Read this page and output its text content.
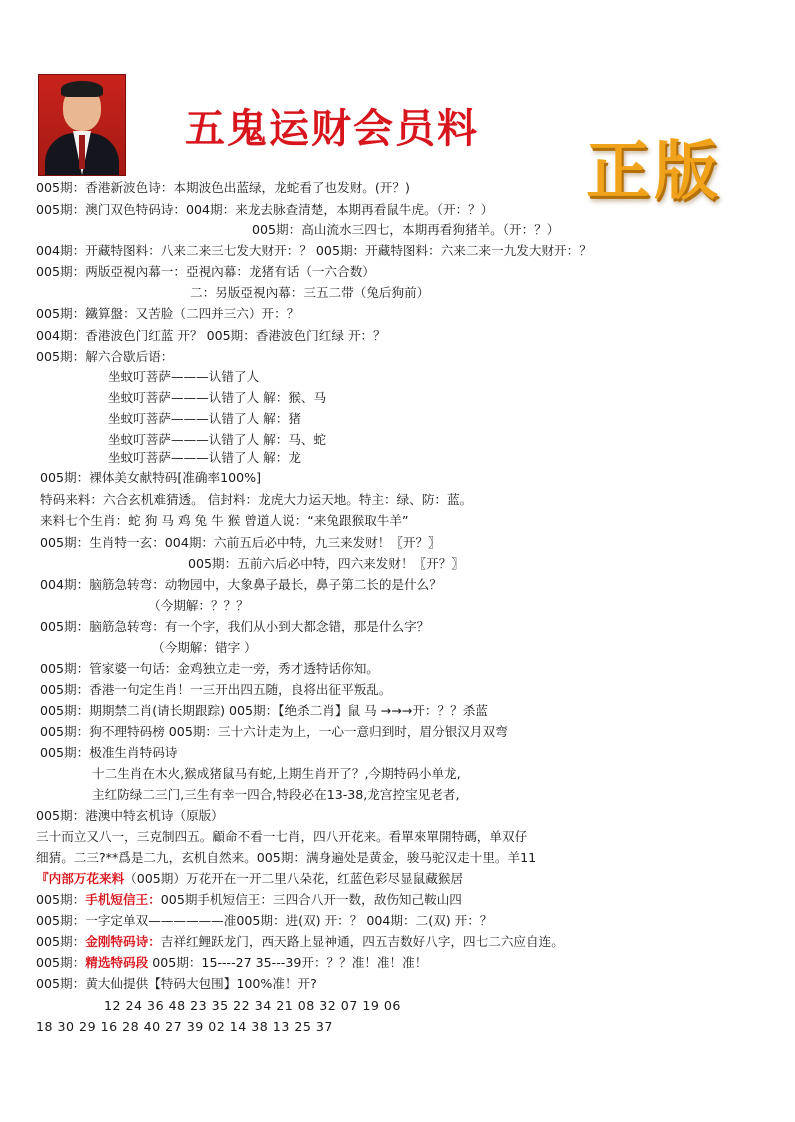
五鬼运财会员料
正版

005期：香港新波色诗：本期波色出蓝绿，龙蛇看了也发财。(开？)

005期：澳门双色特码诗：004期：来龙去脉查清楚，本期再看鼠牛虎。（开：？）

005期：高山流水三四七，本期再看狗猪羊。（开：？）

004期：开藏特图料：八来二来三七发大财开：？ 005期：开藏特图料：六来二来一九发大财开：？

005期：两版亞視內幕一：亞視內幕：龙猪有话（一六合数）

二：另版亞視內幕：三五二带（兔后狗前）

005期：鐵算盤：又苦脸（二四并三六）开：？

004期：香港波色门红蓝 开？ 005期：香港波色门红绿 开：？

005期：解六合歇后语：

坐蚊叮菩萨———认错了人

坐蚊叮菩萨———认错了人 解：猴、马

坐蚊叮菩萨———认错了人 解：猪

坐蚊叮菩萨———认错了人 解：马、蛇

坐蚊叮菩萨———认错了人 解：龙

005期：裸体美女献特码[准确率100%]

特码来料：六合玄机难猜透。 信封料：龙虎大力运天地。特主：绿、防：蓝。

来料七个生肖：蛇 狗 马 鸡 兔 牛 猴 曾道人说：“来兔跟猴取牛羊”

005期：生肖特一玄：004期：六前五后必中特，九三来发财！〖开？〗

005期：五前六后必中特，四六来发财！〖开？〗

004期：脑筋急转弯：动物园中，大象鼻子最长，鼻子第二长的是什么？

（今期解：？？？

005期：脑筋急转弯：有一个字，我们从小到大都念错，那是什么字？

（今期解：错字 ）

005期：管家婆一句话：金鸡独立走一旁，秀才透特话你知。

005期：香港一句定生肖！一三开出四五随，良将出征平叛乱。

005期：期期禁二肖(请长期跟踪) 005期：【绝杀二肖】鼠 马 →→→开：？？杀蓝

005期：狗不理特码榜 005期：三十六计走为上，一心一意归到时，眉分银汉月双弯

005期：极准生肖特码诗

十二生肖在木火,猴成猪鼠马有蛇,上期生肖开了？,今期特码小单龙,

主红防绿二三门,三生有幸一四合,特段必在13-38,龙宫控宝见老者,

005期：港澳中特玄机诗（原版）

三十而立又八一，三克制四五。顧命不看一七肖，四八开花来。看單來單開特碼，单双仔

细猜。二三?**爲是二九，玄机自然来。005期：满身遍处是黄金，骏马驼汉走十里。羊11

『内部万花来料（005期）万花开在一开二里八朵花，红蓝色彩尽显鼠藏猴居

005期：手机短信王：005期手机短信王：三四合八开一数，敌伤知己鞍山四

005期：一字定单双——————准005期：进(双) 开：？ 004期：二(双) 开：？

005期：金刚特码诗：吉祥红鲤跃龙门，西天路上显神通，四五吉数好八字，四七二六应自连。

005期：精选特码段 005期：15----27 35---39开：？？准！准！准！

005期：黄大仙提供【特码大包围】100%准！开?

12 24 36 48 23 35 22 34 21 08 32 07 19 06

18 30 29 16 28 40 27 39 02 14 38 13 25 37
